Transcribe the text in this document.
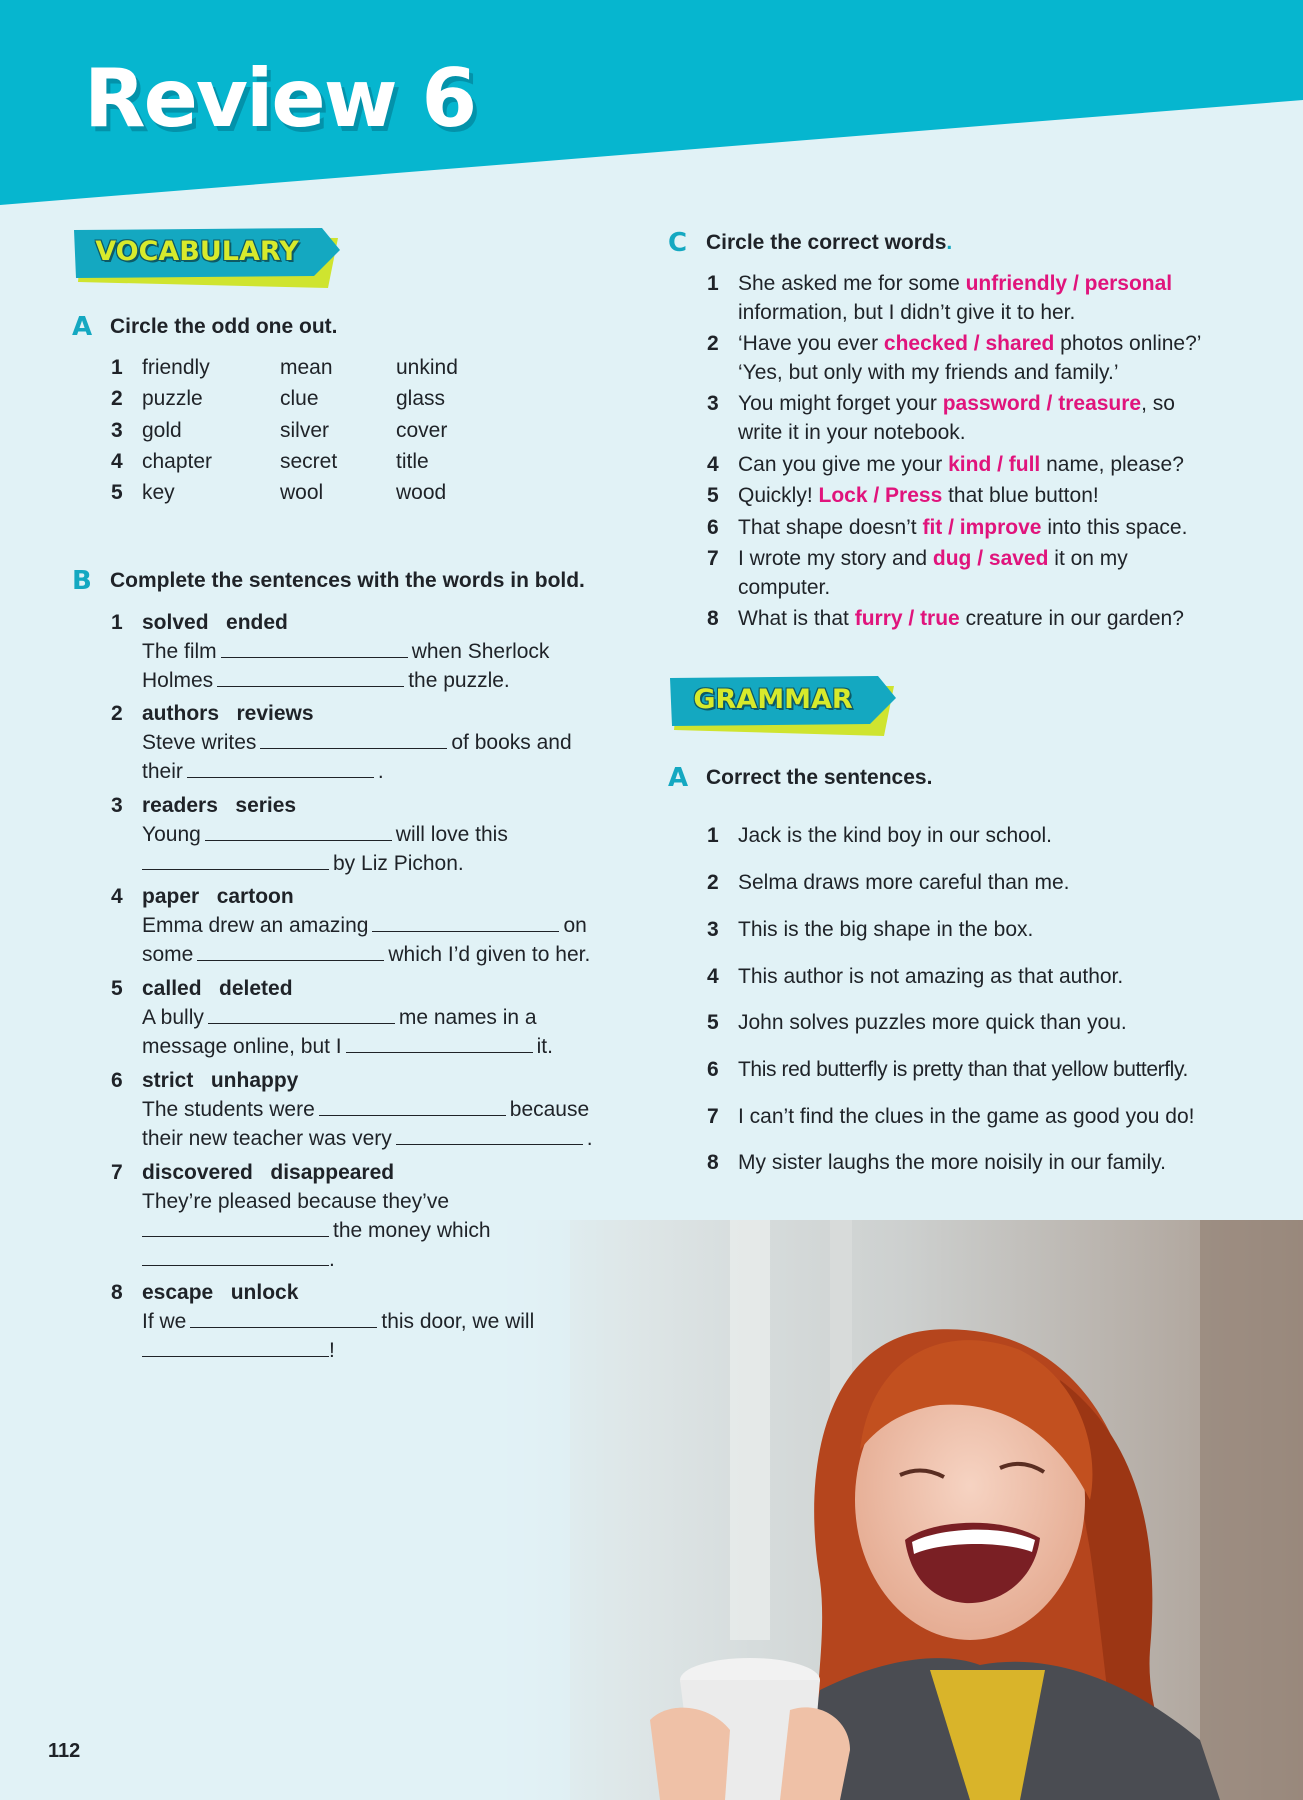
Review 6
VOCABULARY
A Circle the odd one out.
1 friendly	mean	unkind
2 puzzle	clue	glass
3 gold	silver	cover
4 chapter	secret	title
5 key	wool	wood
B Complete the sentences with the words in bold.
1 solved   ended
The film	when Sherlock
Holmes	the puzzle.
2 authors   reviews
Steve writes	of books and
their	.
3 readers   series
Young	will love this
by Liz Pichon.
4 paper   cartoon
Emma drew an amazing	on
some	which I’d given to her.
5 called   deleted
A bully	me names in a
message online, but I	it.
6 strict   unhappy
The students were	because
their new teacher was very	.
7 discovered   disappeared
They’re pleased because they’ve
the money which
.
8 escape   unlock
If we	this door, we will
!
C Circle the correct words.
1 She asked me for some unfriendly / personal
information, but I didn’t give it to her.
2 ‘Have you ever checked / shared photos online?’
‘Yes, but only with my friends and family.’
3 You might forget your password / treasure, so
write it in your notebook.
4 Can you give me your kind / full name, please?
5 Quickly! Lock / Press that blue button!
6 That shape doesn’t fit / improve into this space.
7 I wrote my story and dug / saved it on my
computer.
8 What is that furry / true creature in our garden?
GRAMMAR
A Correct the sentences.
1 Jack is the kind boy in our school.
2 Selma draws more careful than me.
3 This is the big shape in the box.
4 This author is not amazing as that author.
5 John solves puzzles more quick than you.
6 This red butterfly is pretty than that yellow butterfly.
7 I can’t find the clues in the game as good you do!
8 My sister laughs the more noisily in our family.
112
